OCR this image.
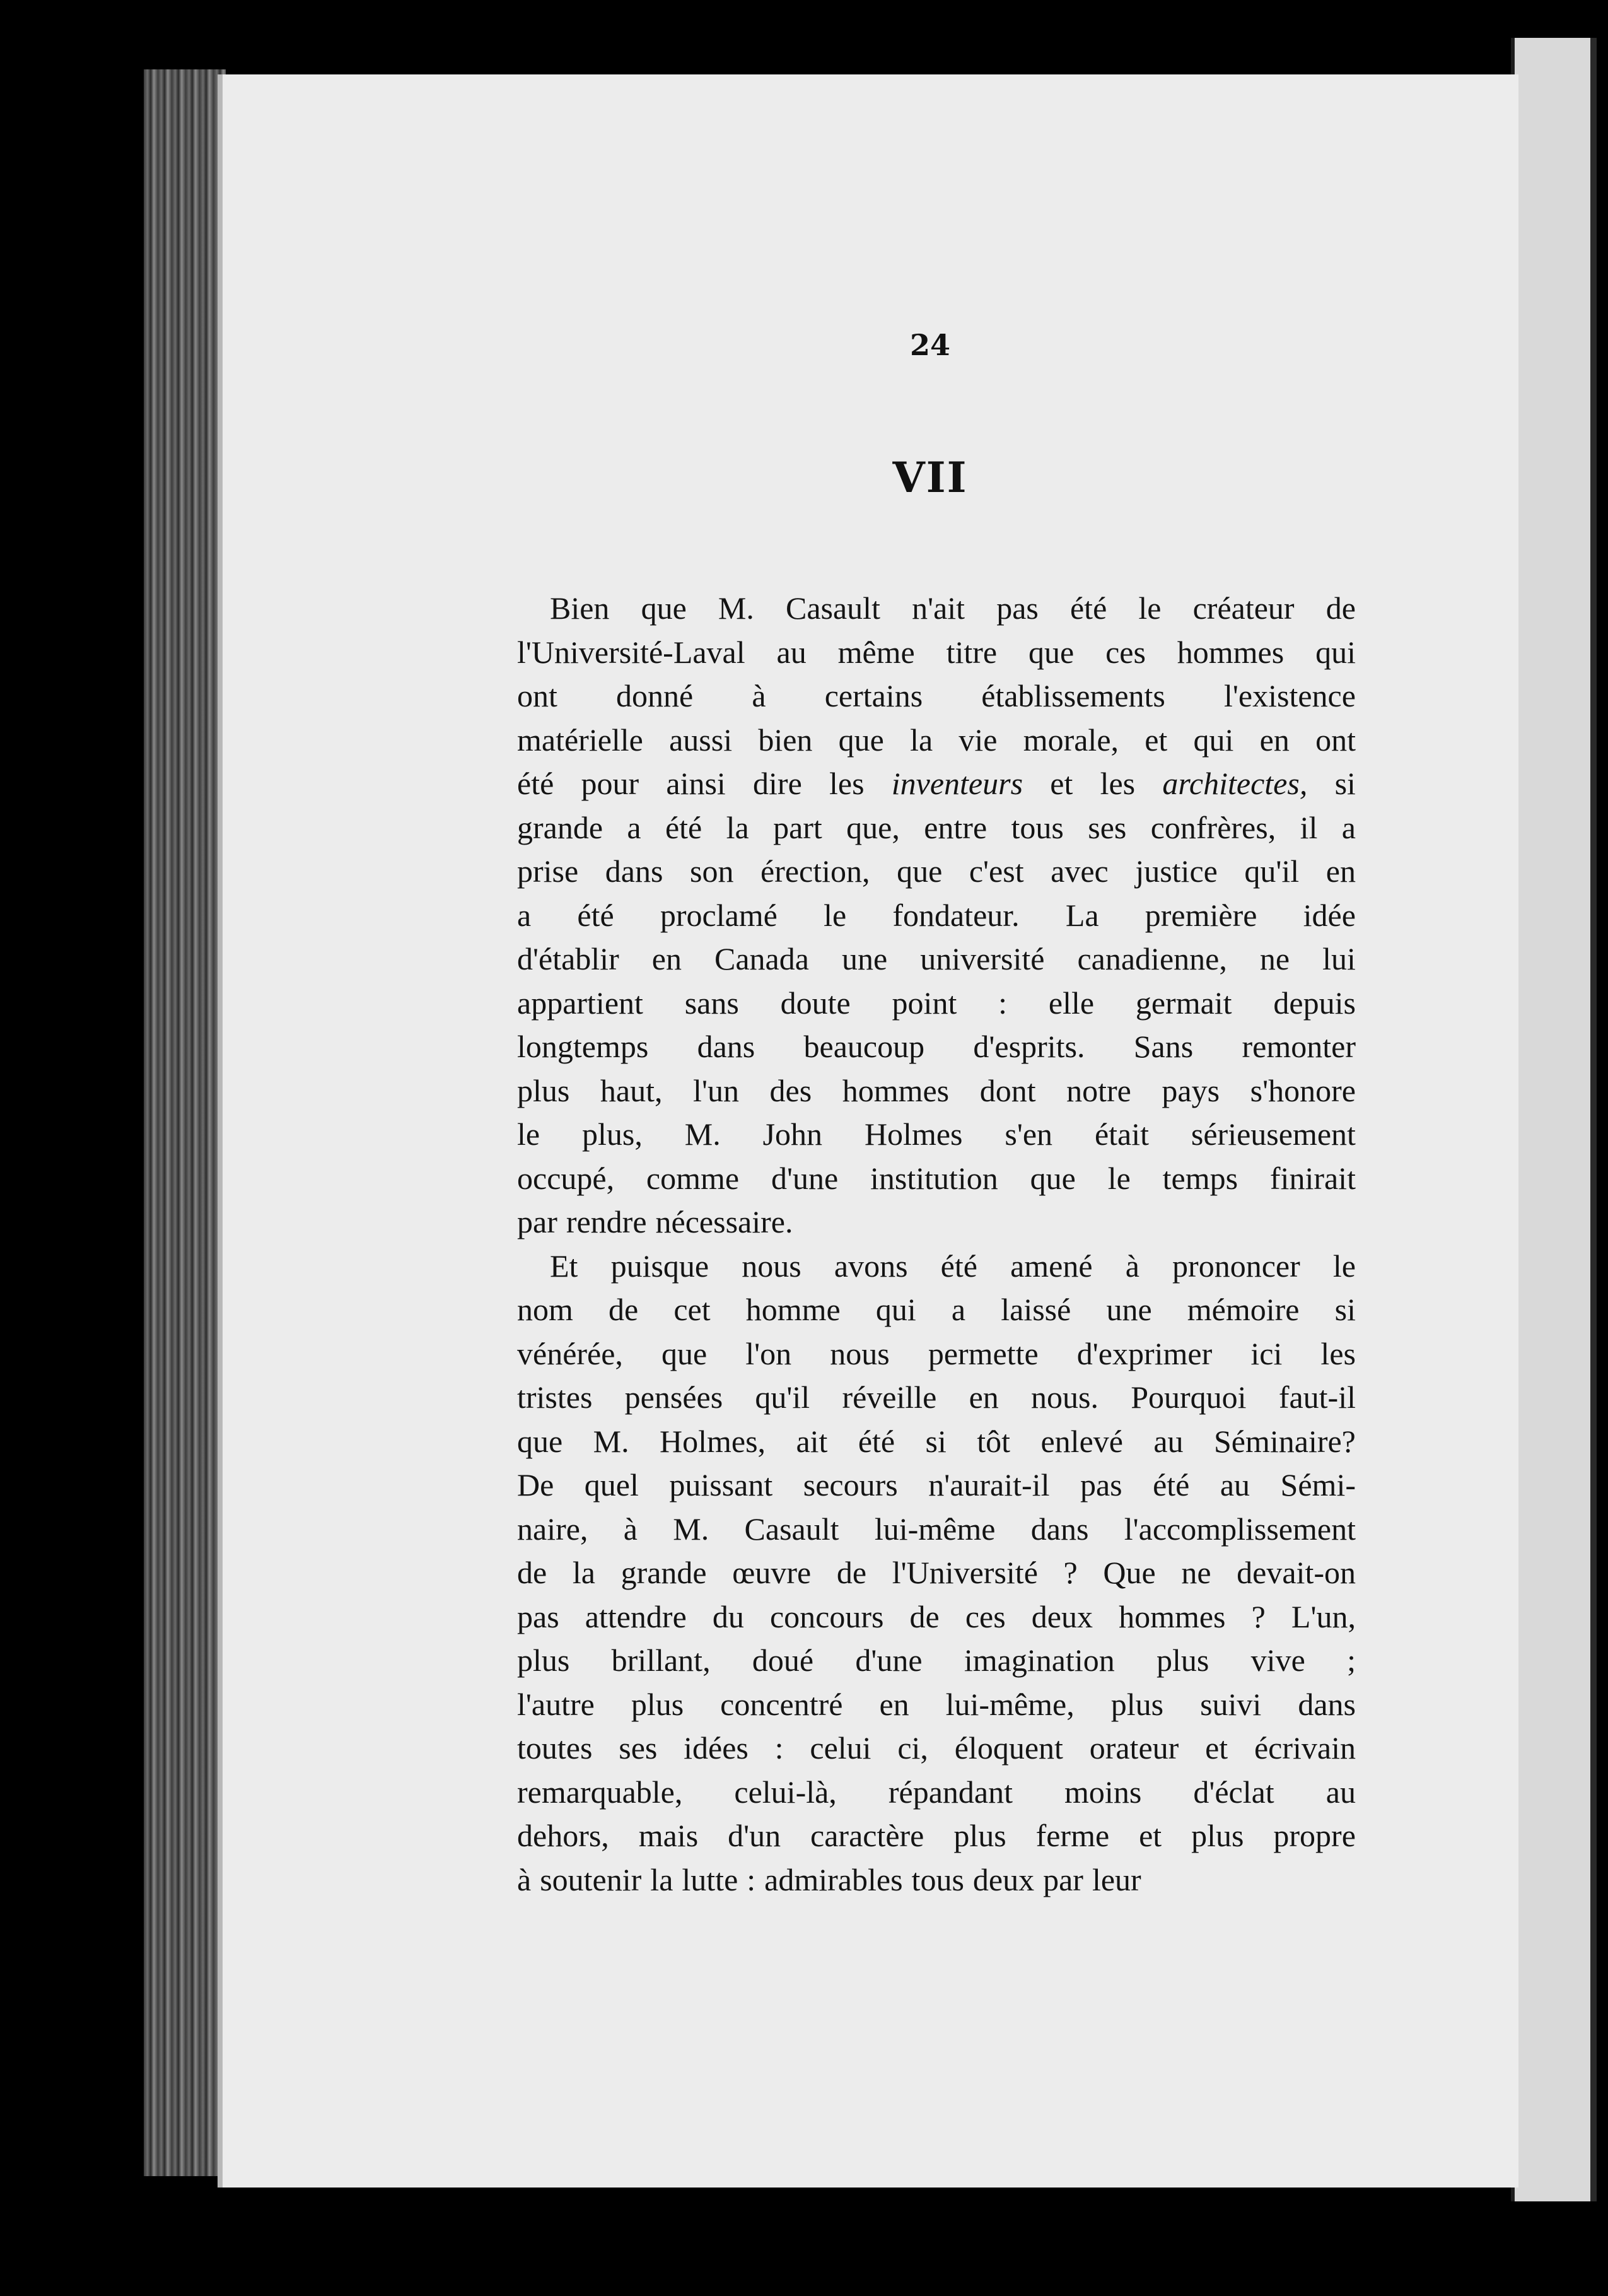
24
VII
Bien que M. Casault n'ait pas été le créateur de
l'Université-Laval au même titre que ces hommes qui
ont donné à certains établissements l'existence
matérielle aussi bien que la vie morale, et qui en ont
été pour ainsi dire les inventeurs et les architectes, si
grande a été la part que, entre tous ses confrères, il a
prise dans son érection, que c'est avec justice qu'il en
a été proclamé le fondateur. La première idée
d'établir en Canada une université canadienne, ne lui
appartient sans doute point : elle germait depuis
longtemps dans beaucoup d'esprits. Sans remonter
plus haut, l'un des hommes dont notre pays s'honore
le plus, M. John Holmes s'en était sérieusement
occupé, comme d'une institution que le temps finirait
par rendre nécessaire.
Et puisque nous avons été amené à prononcer le
nom de cet homme qui a laissé une mémoire si
vénérée, que l'on nous permette d'exprimer ici les
tristes pensées qu'il réveille en nous. Pourquoi faut-il
que M. Holmes, ait été si tôt enlevé au Séminaire?
De quel puissant secours n'aurait-il pas été au Sémi-
naire, à M. Casault lui-même dans l'accomplissement
de la grande œuvre de l'Université ? Que ne devait-on
pas attendre du concours de ces deux hommes ? L'un,
plus brillant, doué d'une imagination plus vive ;
l'autre plus concentré en lui-même, plus suivi dans
toutes ses idées : celui ci, éloquent orateur et écrivain
remarquable, celui-là, répandant moins d'éclat au
dehors, mais d'un caractère plus ferme et plus propre
à soutenir la lutte : admirables tous deux par leur
